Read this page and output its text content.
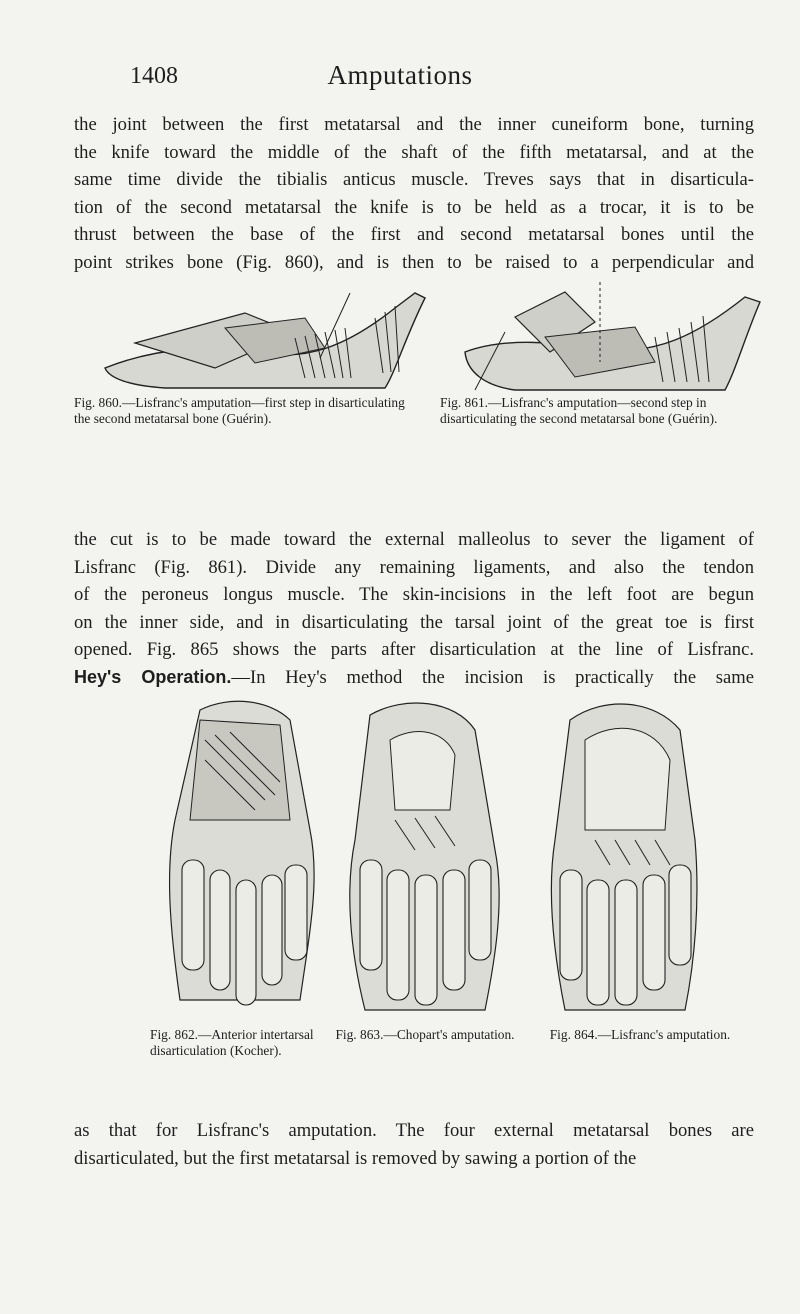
1408	Amputations

the joint between the first metatarsal and the inner cuneiform bone, turning
the knife toward the middle of the shaft of the fifth metatarsal, and at the
same time divide the tibialis anticus muscle. Treves says that in disarticula-
tion of the second metatarsal the knife is to be held as a trocar, it is to be
thrust between the base of the first and second metatarsal bones until the
point strikes bone (Fig. 860), and is then to be raised to a perpendicular and

Fig. 860.—Lisfranc's amputation—first step in disarticulating the second metatarsal bone (Guérin).

Fig. 861.—Lisfranc's amputation—second step in disarticulating the second metatarsal bone (Guérin).

the cut is to be made toward the external malleolus to sever the ligament of
Lisfranc (Fig. 861). Divide any remaining ligaments, and also the tendon
of the peroneus longus muscle. The skin-incisions in the left foot are begun
on the inner side, and in disarticulating the tarsal joint of the great toe is first
opened. Fig. 865 shows the parts after disarticulation at the line of Lisfranc.
Hey's Operation.—In Hey's method the incision is practically the same

Fig. 862.—Anterior intertarsal disarticulation (Kocher).

Fig. 863.—Chopart's amputation.	Fig. 864.—Lisfranc's amputation.

as that for Lisfranc's amputation. The four external metatarsal bones are
disarticulated, but the first metatarsal is removed by sawing a portion of the
